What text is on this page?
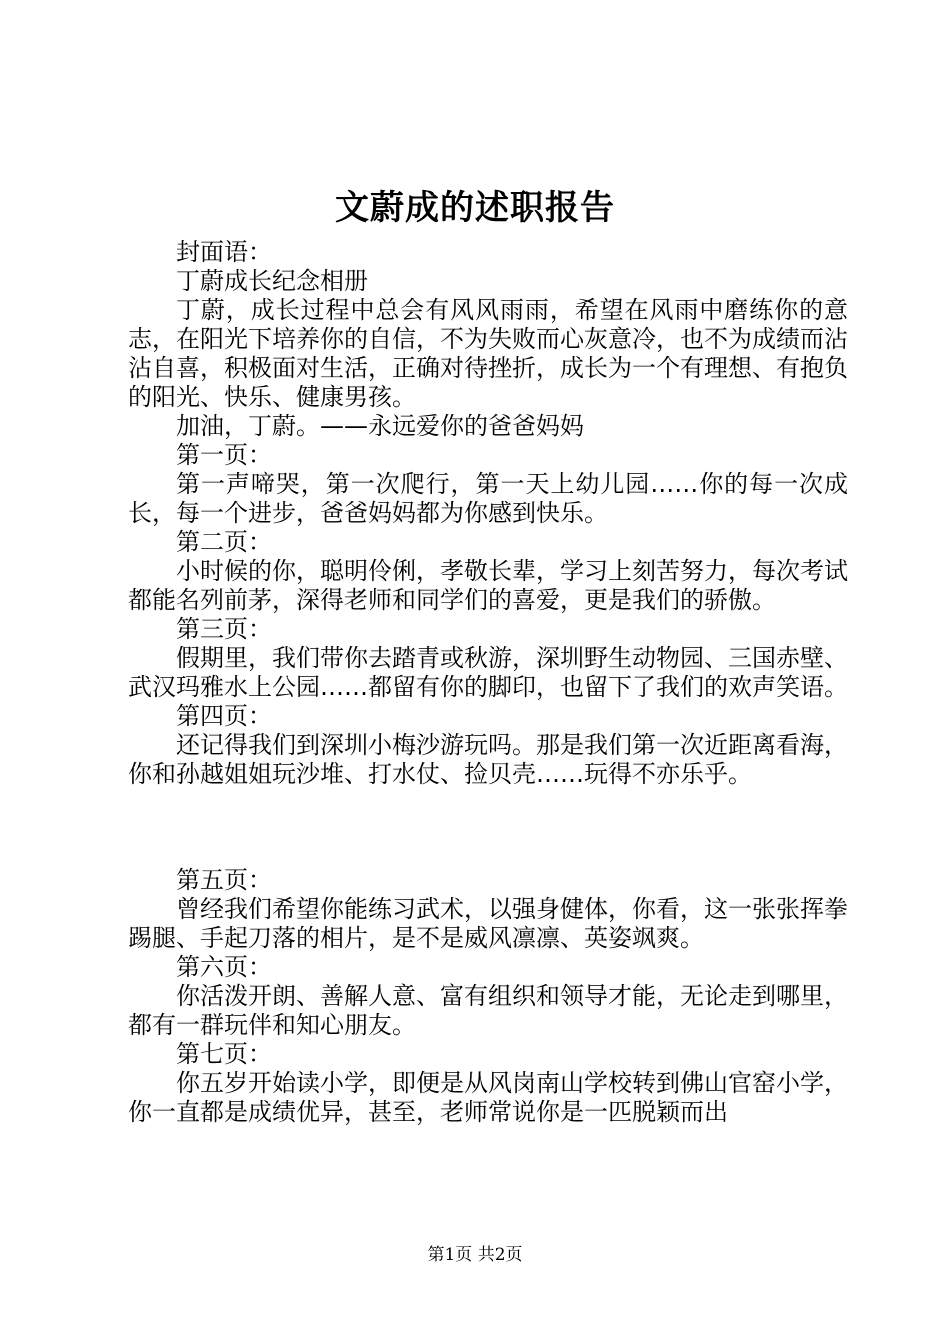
文蔚成的述职报告

封面语：

丁蔚成长纪念相册

丁蔚，成长过程中总会有风风雨雨，希望在风雨中磨练你的意志，在阳光下培养你的自信，不为失败而心灰意冷，也不为成绩而沾沾自喜，积极面对生活，正确对待挫折，成长为一个有理想、有抱负的阳光、快乐、健康男孩。

加油，丁蔚。——永远爱你的爸爸妈妈

第一页：

第一声啼哭，第一次爬行，第一天上幼儿园……你的每一次成长，每一个进步，爸爸妈妈都为你感到快乐。

第二页：

小时候的你，聪明伶俐，孝敬长辈，学习上刻苦努力，每次考试都能名列前茅，深得老师和同学们的喜爱，更是我们的骄傲。

第三页：

假期里，我们带你去踏青或秋游，深圳野生动物园、三国赤壁、武汉玛雅水上公园……都留有你的脚印，也留下了我们的欢声笑语。

第四页：

还记得我们到深圳小梅沙游玩吗。那是我们第一次近距离看海，你和孙越姐姐玩沙堆、打水仗、捡贝壳……玩得不亦乐乎。

第五页：

曾经我们希望你能练习武术，以强身健体，你看，这一张张挥拳踢腿、手起刀落的相片，是不是威风凛凛、英姿飒爽。

第六页：

你活泼开朗、善解人意、富有组织和领导才能，无论走到哪里，都有一群玩伴和知心朋友。

第七页：

你五岁开始读小学，即便是从风岗南山学校转到佛山官窑小学，你一直都是成绩优异，甚至，老师常说你是一匹脱颖而出

第1页 共2页
